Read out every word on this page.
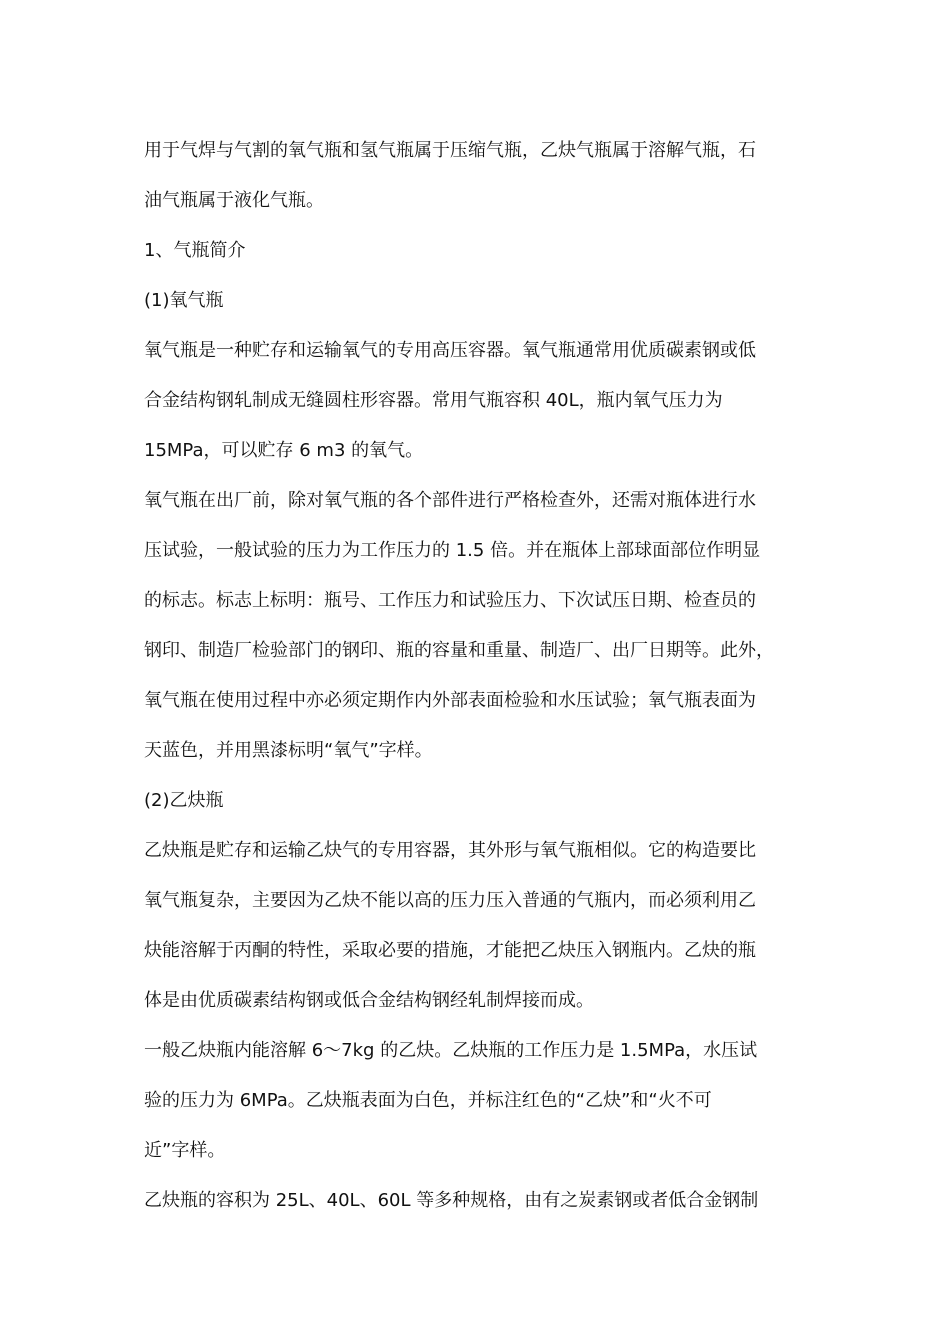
用于气焊与气割的氧气瓶和氢气瓶属于压缩气瓶，乙炔气瓶属于溶解气瓶，石
油气瓶属于液化气瓶。
1、气瓶简介
(1)氧气瓶
氧气瓶是一种贮存和运输氧气的专用高压容器。氧气瓶通常用优质碳素钢或低
合金结构钢轧制成无缝圆柱形容器。常用气瓶容积 40L，瓶内氧气压力为
15MPa，可以贮存 6 m3 的氧气。
氧气瓶在出厂前，除对氧气瓶的各个部件进行严格检查外，还需对瓶体进行水
压试验，一般试验的压力为工作压力的 1.5 倍。并在瓶体上部球面部位作明显
的标志。标志上标明：瓶号、工作压力和试验压力、下次试压日期、检查员的
钢印、制造厂检验部门的钢印、瓶的容量和重量、制造厂、出厂日期等。此外，
氧气瓶在使用过程中亦必须定期作内外部表面检验和水压试验；氧气瓶表面为
天蓝色，并用黑漆标明“氧气”字样。
(2)乙炔瓶
乙炔瓶是贮存和运输乙炔气的专用容器，其外形与氧气瓶相似。它的构造要比
氧气瓶复杂，主要因为乙炔不能以高的压力压入普通的气瓶内，而必须利用乙
炔能溶解于丙酮的特性，采取必要的措施，才能把乙炔压入钢瓶内。乙炔的瓶
体是由优质碳素结构钢或低合金结构钢经轧制焊接而成。
一般乙炔瓶内能溶解 6～7kg 的乙炔。乙炔瓶的工作压力是 1.5MPa，水压试
验的压力为 6MPa。乙炔瓶表面为白色，并标注红色的“乙炔”和“火不可
近”字样。
乙炔瓶的容积为 25L、40L、60L 等多种规格，由有之炭素钢或者低合金钢制
